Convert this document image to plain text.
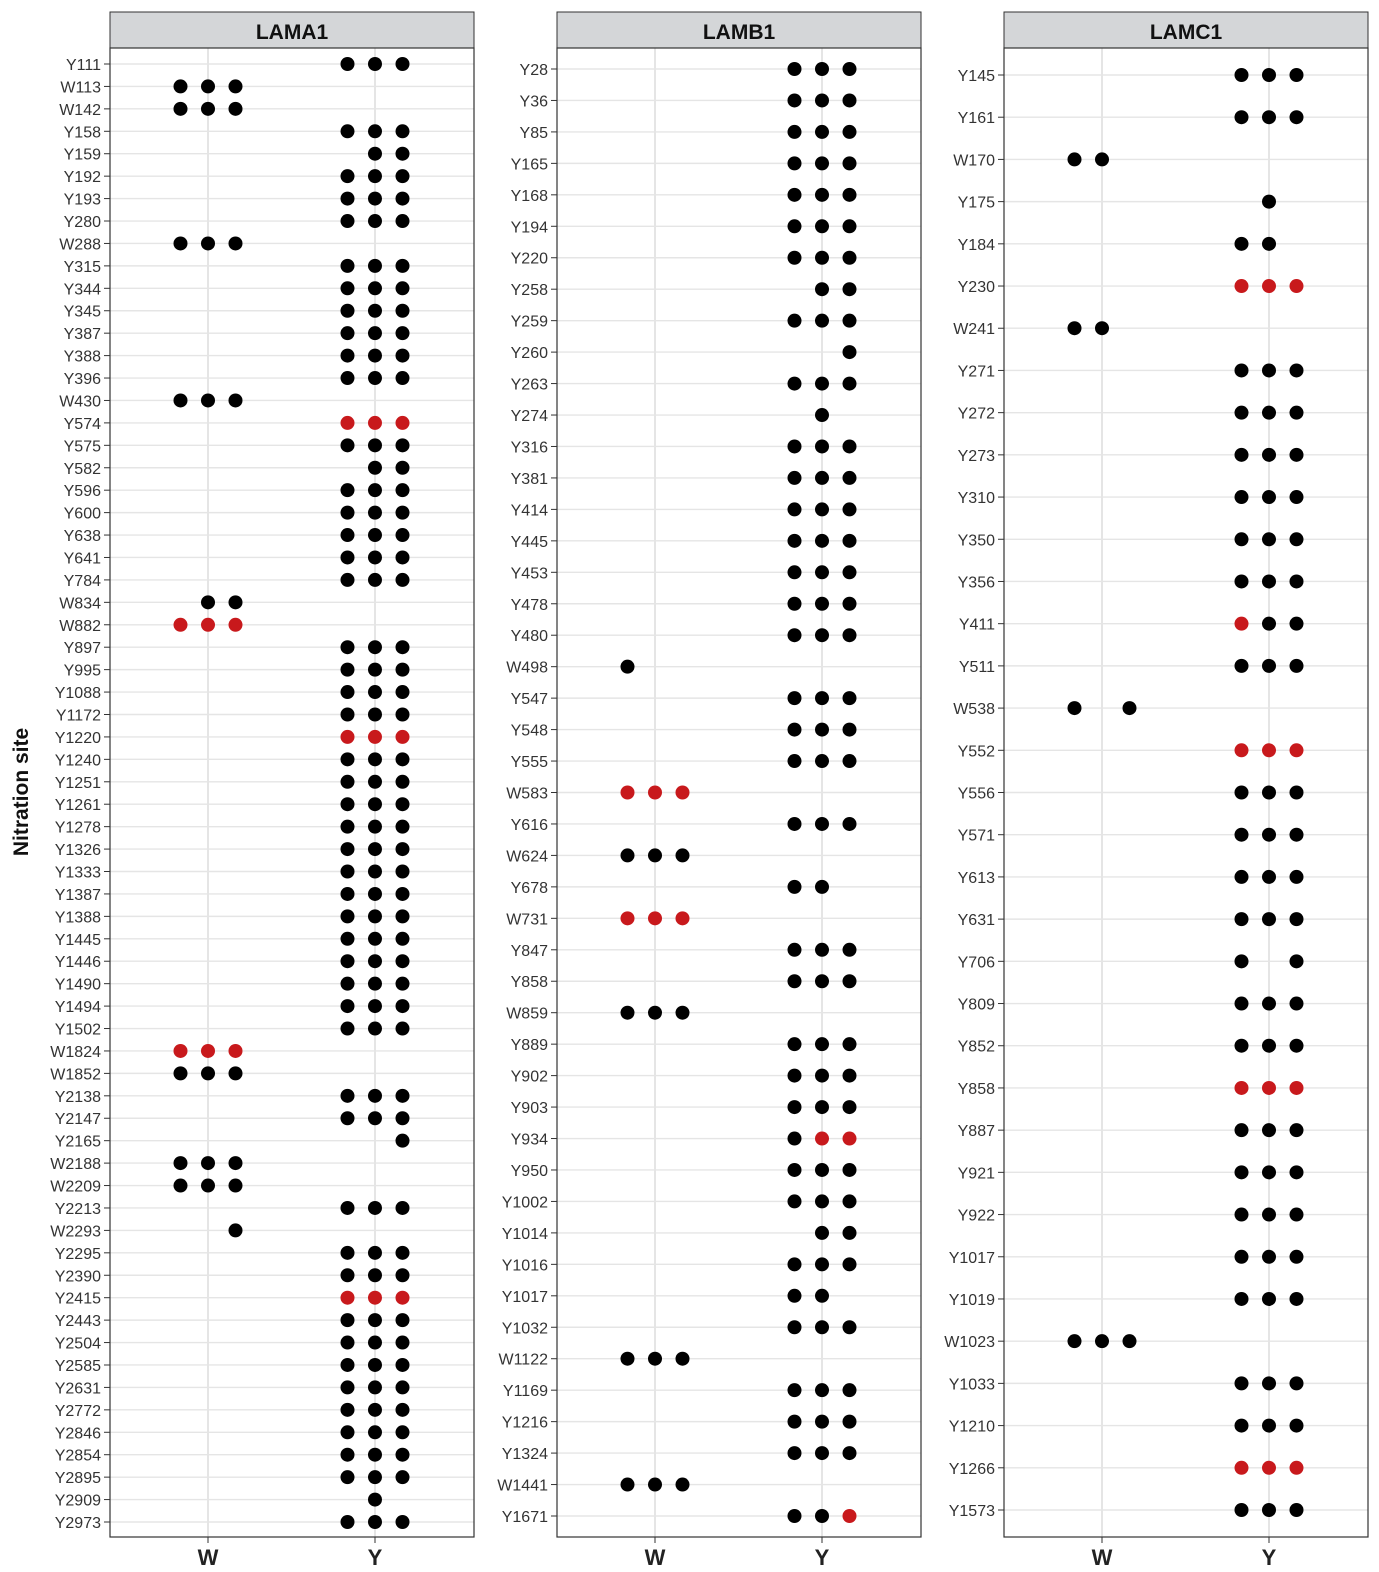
Nitration site
LAMA1
Y111
W113
W142
Y158
Y159
Y192
Y193
Y280
W288
Y315
Y344
Y345
Y387
Y388
Y396
W430
Y574
Y575
Y582
Y596
Y600
Y638
Y641
Y784
W834
W882
Y897
Y995
Y1088
Y1172
Y1220
Y1240
Y1251
Y1261
Y1278
Y1326
Y1333
Y1387
Y1388
Y1445
Y1446
Y1490
Y1494
Y1502
W1824
W1852
Y2138
Y2147
Y2165
W2188
W2209
Y2213
W2293
Y2295
Y2390
Y2415
Y2443
Y2504
Y2585
Y2631
Y2772
Y2846
Y2854
Y2895
Y2909
Y2973
W	Y
LAMB1
Y28
Y36
Y85
Y165
Y168
Y194
Y220
Y258
Y259
Y260
Y263
Y274
Y316
Y381
Y414
Y445
Y453
Y478
Y480
W498
Y547
Y548
Y555
W583
Y616
W624
Y678
W731
Y847
Y858
W859
Y889
Y902
Y903
Y934
Y950
Y1002
Y1014
Y1016
Y1017
Y1032
W1122
Y1169
Y1216
Y1324
W1441
Y1671
W	Y
LAMC1
Y145
Y161
W170
Y175
Y184
Y230
W241
Y271
Y272
Y273
Y310
Y350
Y356
Y411
Y511
W538
Y552
Y556
Y571
Y613
Y631
Y706
Y809
Y852
Y858
Y887
Y921
Y922
Y1017
Y1019
W1023
Y1033
Y1210
Y1266
Y1573
W	Y
